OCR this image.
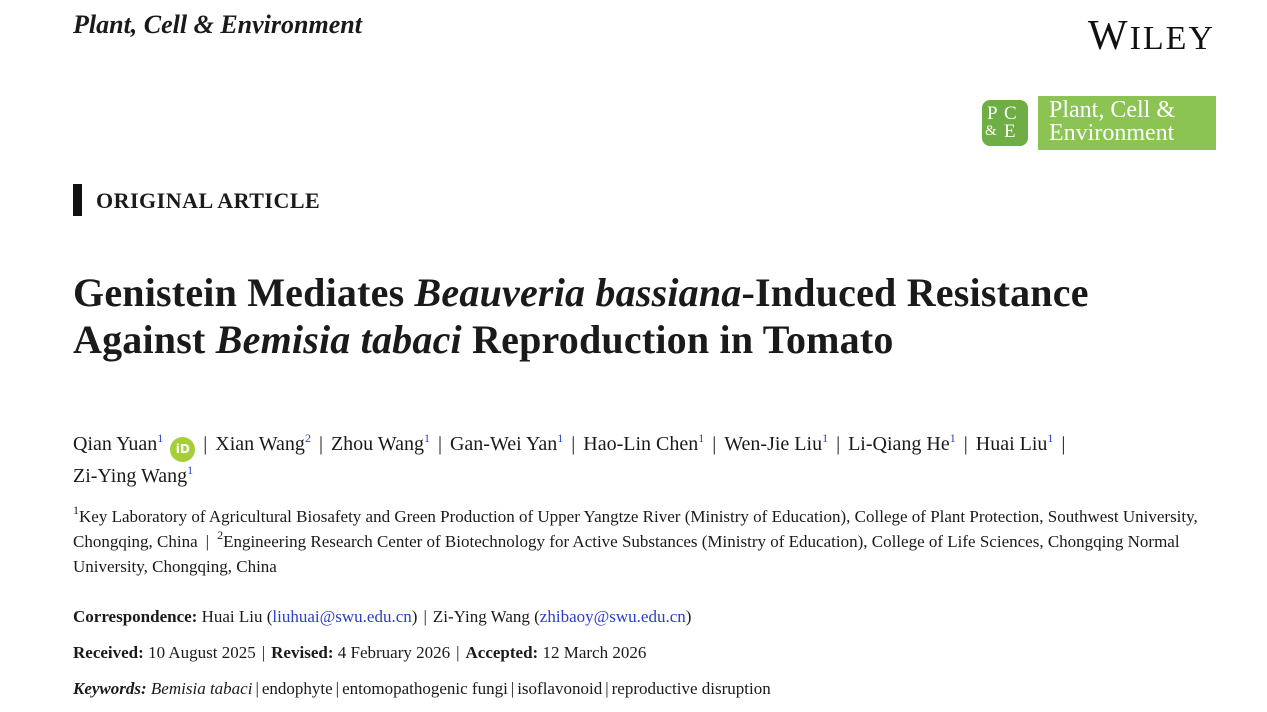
Plant, Cell & Environment	WILEY
P C
& E
Plant, Cell &
Environment
ORIGINAL ARTICLE
Genistein Mediates Beauveria bassiana-Induced Resistance Against Bemisia tabaci Reproduction in Tomato
Qian Yuan$^1$iD | Xian Wang$^2$ | Zhou Wang$^1$ | Gan-Wei Yan$^1$ | Hao-Lin Chen$^1$ | Wen-Jie Liu$^1$ | Li-Qiang He$^1$ | Huai Liu$^1$ |
Zi-Ying Wang$^1$
$^1$Key Laboratory of Agricultural Biosafety and Green Production of Upper Yangtze River (Ministry of Education), College of Plant Protection, Southwest University, Chongqing, China | $^2$Engineering Research Center of Biotechnology for Active Substances (Ministry of Education), College of Life Sciences, Chongqing Normal University, Chongqing, China
Correspondence: Huai Liu (liuhuai@swu.edu.cn) | Zi-Ying Wang (zhibaoy@swu.edu.cn)
Received: 10 August 2025 | Revised: 4 February 2026 | Accepted: 12 March 2026
Keywords: Bemisia tabaci | endophyte | entomopathogenic fungi | isoflavonoid | reproductive disruption
